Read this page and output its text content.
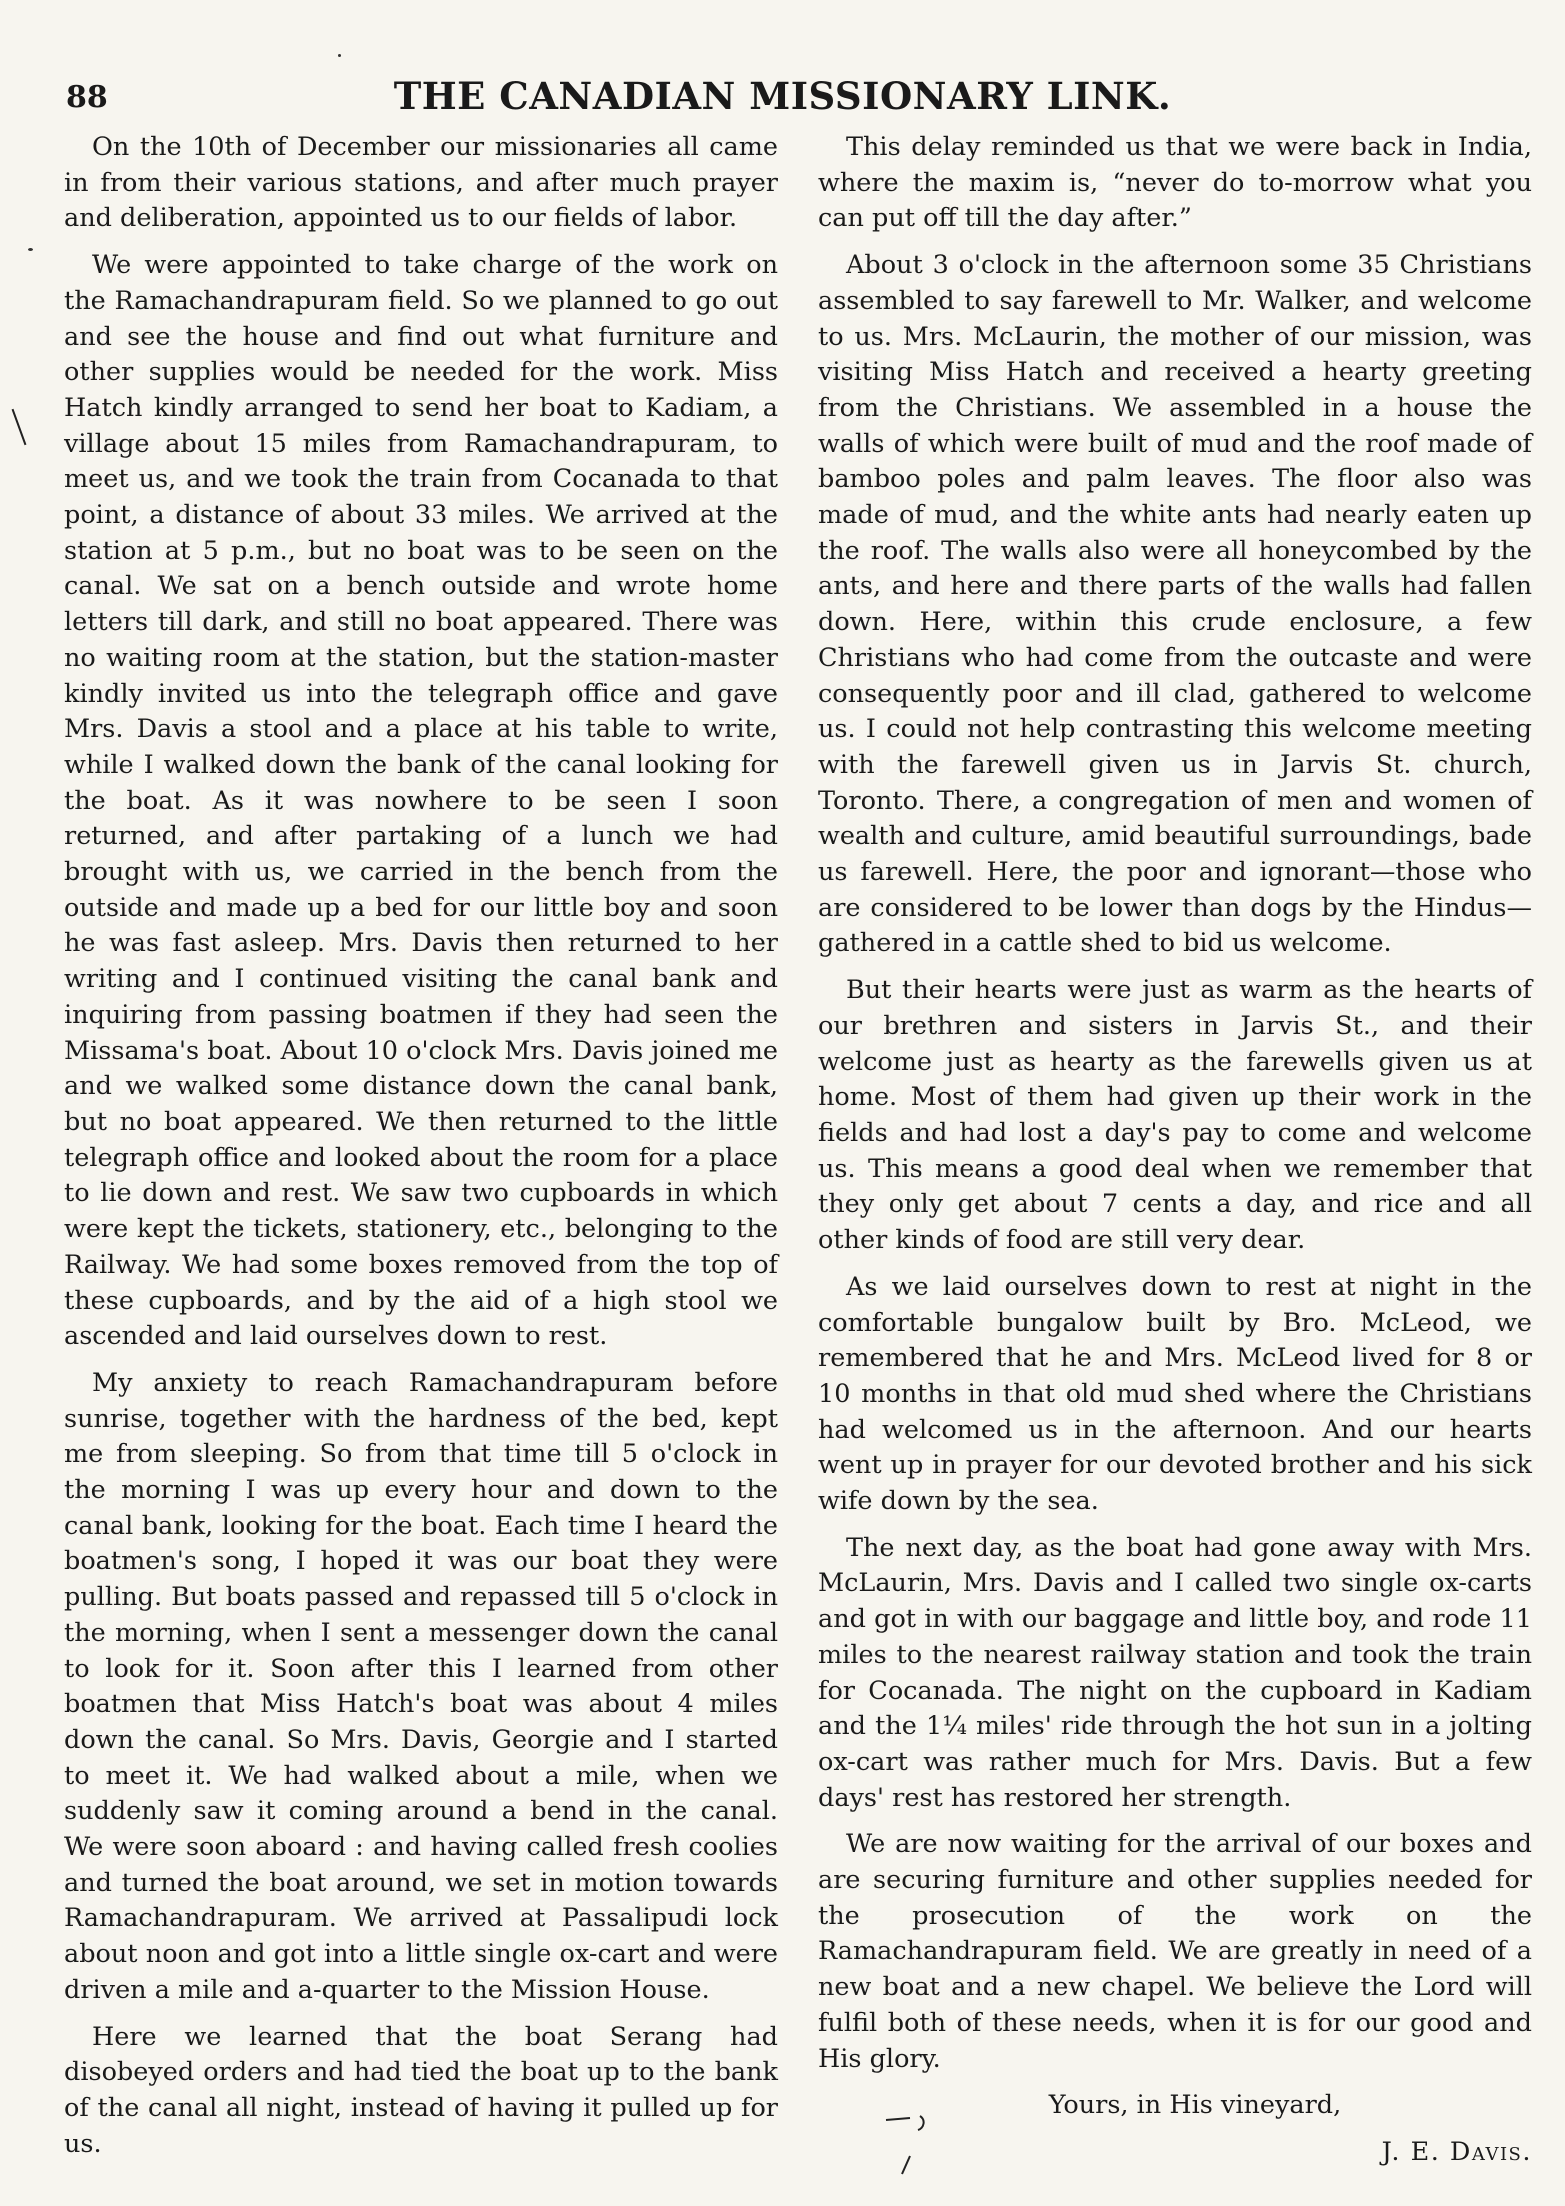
88	THE CANADIAN MISSIONARY LINK.

On the 10th of December our missionaries all came in from their various stations, and after much prayer and deliberation, appointed us to our fields of labor.

We were appointed to take charge of the work on the Ramachandrapuram field. So we planned to go out and see the house and find out what furniture and other supplies would be needed for the work. Miss Hatch kindly arranged to send her boat to Kadiam, a village about 15 miles from Ramachandrapuram, to meet us, and we took the train from Cocanada to that point, a distance of about 33 miles. We arrived at the station at 5 p.m., but no boat was to be seen on the canal. We sat on a bench outside and wrote home letters till dark, and still no boat appeared. There was no waiting room at the station, but the station-master kindly invited us into the telegraph office and gave Mrs. Davis a stool and a place at his table to write, while I walked down the bank of the canal looking for the boat. As it was nowhere to be seen I soon returned, and after partaking of a lunch we had brought with us, we carried in the bench from the outside and made up a bed for our little boy and soon he was fast asleep. Mrs. Davis then returned to her writing and I continued visiting the canal bank and inquiring from passing boatmen if they had seen the Missama's boat. About 10 o'clock Mrs. Davis joined me and we walked some distance down the canal bank, but no boat appeared. We then returned to the little telegraph office and looked about the room for a place to lie down and rest. We saw two cupboards in which were kept the tickets, stationery, etc., belonging to the Railway. We had some boxes removed from the top of these cupboards, and by the aid of a high stool we ascended and laid ourselves down to rest.

My anxiety to reach Ramachandrapuram before sunrise, together with the hardness of the bed, kept me from sleeping. So from that time till 5 o'clock in the morning I was up every hour and down to the canal bank, looking for the boat. Each time I heard the boatmen's song, I hoped it was our boat they were pulling. But boats passed and repassed till 5 o'clock in the morning, when I sent a messenger down the canal to look for it. Soon after this I learned from other boatmen that Miss Hatch's boat was about 4 miles down the canal. So Mrs. Davis, Georgie and I started to meet it. We had walked about a mile, when we suddenly saw it coming around a bend in the canal. We were soon aboard : and having called fresh coolies and turned the boat around, we set in motion towards Ramachandrapuram. We arrived at Passalipudi lock about noon and got into a little single ox-cart and were driven a mile and a-quarter to the Mission House.

Here we learned that the boat Serang had disobeyed orders and had tied the boat up to the bank of the canal all night, instead of having it pulled up for us.

This delay reminded us that we were back in India, where the maxim is, “never do to-morrow what you can put off till the day after.”

About 3 o'clock in the afternoon some 35 Christians assembled to say farewell to Mr. Walker, and welcome to us. Mrs. McLaurin, the mother of our mission, was visiting Miss Hatch and received a hearty greeting from the Christians. We assembled in a house the walls of which were built of mud and the roof made of bamboo poles and palm leaves. The floor also was made of mud, and the white ants had nearly eaten up the roof. The walls also were all honeycombed by the ants, and here and there parts of the walls had fallen down. Here, within this crude enclosure, a few Christians who had come from the outcaste and were consequently poor and ill clad, gathered to welcome us. I could not help contrasting this welcome meeting with the farewell given us in Jarvis St. church, Toronto. There, a congregation of men and women of wealth and culture, amid beautiful surroundings, bade us farewell. Here, the poor and ignorant—those who are considered to be lower than dogs by the Hindus—gathered in a cattle shed to bid us welcome.

But their hearts were just as warm as the hearts of our brethren and sisters in Jarvis St., and their welcome just as hearty as the farewells given us at home. Most of them had given up their work in the fields and had lost a day's pay to come and welcome us. This means a good deal when we remember that they only get about 7 cents a day, and rice and all other kinds of food are still very dear.

As we laid ourselves down to rest at night in the comfortable bungalow built by Bro. McLeod, we remembered that he and Mrs. McLeod lived for 8 or 10 months in that old mud shed where the Christians had welcomed us in the afternoon. And our hearts went up in prayer for our devoted brother and his sick wife down by the sea.

The next day, as the boat had gone away with Mrs. McLaurin, Mrs. Davis and I called two single ox-carts and got in with our baggage and little boy, and rode 11 miles to the nearest railway station and took the train for Cocanada. The night on the cupboard in Kadiam and the 1¼ miles' ride through the hot sun in a jolting ox-cart was rather much for Mrs. Davis. But a few days' rest has restored her strength.

We are now waiting for the arrival of our boxes and are securing furniture and other supplies needed for the prosecution of the work on the Ramachandrapuram field. We are greatly in need of a new boat and a new chapel. We believe the Lord will fulfil both of these needs, when it is for our good and His glory.

Yours, in His vineyard,

J. E. Davis.
